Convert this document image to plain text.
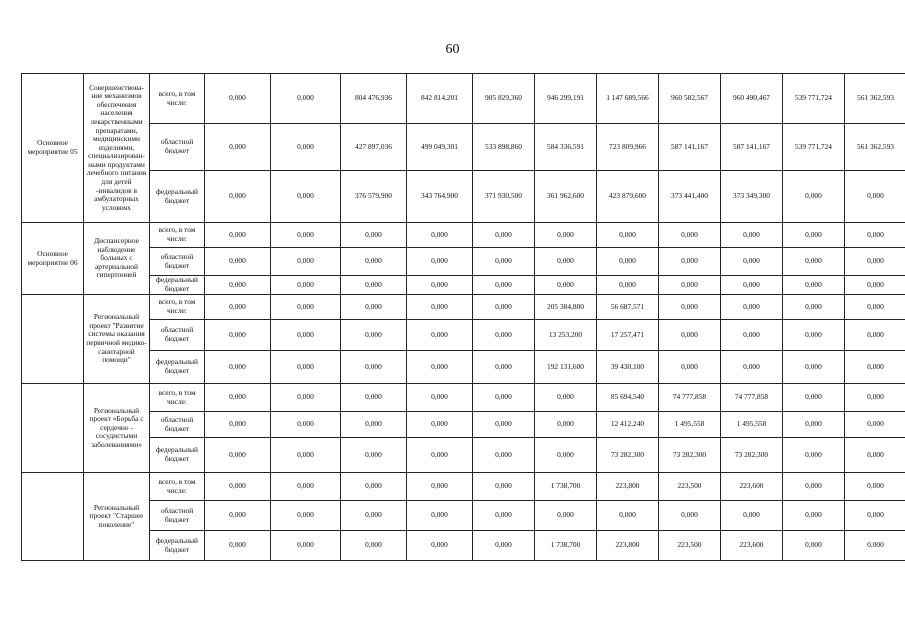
60
Основное мероприятие 05	Совершенствова-ние механизмов обеспечения населения лекарственными препаратами, медицинскими изделиями, специализирован-ными продуктами лечебного питания для детей -инвалидов в амбулаторных условиях	всего, в том числе:	0,000	0,000	804 476,936	842 814,201	905 829,360	946 299,191	1 147 689,566	960 582,567	960 490,467	539 771,724	561 362,593
		областной бюджет	0,000	0,000	427 897,036	499 049,301	533 898,860	584 336,591	723 809,966	587 141,167	587 141,167	539 771,724	561 362,593
		федеральный бюджет	0,000	0,000	376 579,900	343 764,900	371 930,500	361 962,600	423 879,600	373 441,400	373 349,300	0,000	0,000
Основное мероприятие 06	Диспансерное наблюдение больных с артериальной гипертонией	всего, в том числе:	0,000	0,000	0,000	0,000	0,000	0,000	0,000	0,000	0,000	0,000	0,000
		областной бюджет	0,000	0,000	0,000	0,000	0,000	0,000	0,000	0,000	0,000	0,000	0,000
		федеральный бюджет	0,000	0,000	0,000	0,000	0,000	0,000	0,000	0,000	0,000	0,000	0,000
	Региональный проект "Развитие системы оказания первичной медико-санитарной помощи"	всего, в том числе:	0,000	0,000	0,000	0,000	0,000	205 384,800	56 687,571	0,000	0,000	0,000	0,000
		областной бюджет	0,000	0,000	0,000	0,000	0,000	13 253,200	17 257,471	0,000	0,000	0,000	0,000
		федеральный бюджет	0,000	0,000	0,000	0,000	0,000	192 131,600	39 430,100	0,000	0,000	0,000	0,000
	Региональный проект «Борьба с сердечно - сосудистыми заболеваниями»	всего, в том числе:	0,000	0,000	0,000	0,000	0,000	0,000	85 694,540	74 777,858	74 777,858	0,000	0,000
		областной бюджет	0,000	0,000	0,000	0,000	0,000	0,000	12 412,240	1 495,558	1 495,558	0,000	0,000
		федеральный бюджет	0,000	0,000	0,000	0,000	0,000	0,000	73 282,300	73 282,300	73 282,300	0,000	0,000
	Региональный проект "Старшее поколение"	всего, в том числе:	0,000	0,000	0,000	0,000	0,000	1 738,700	223,800	223,500	223,600	0,000	0,000
		областной бюджет	0,000	0,000	0,000	0,000	0,000	0,000	0,000	0,000	0,000	0,000	0,000
		федеральный бюджет	0,000	0,000	0,000	0,000	0,000	1 738,700	223,800	223,500	223,600	0,000	0,000
